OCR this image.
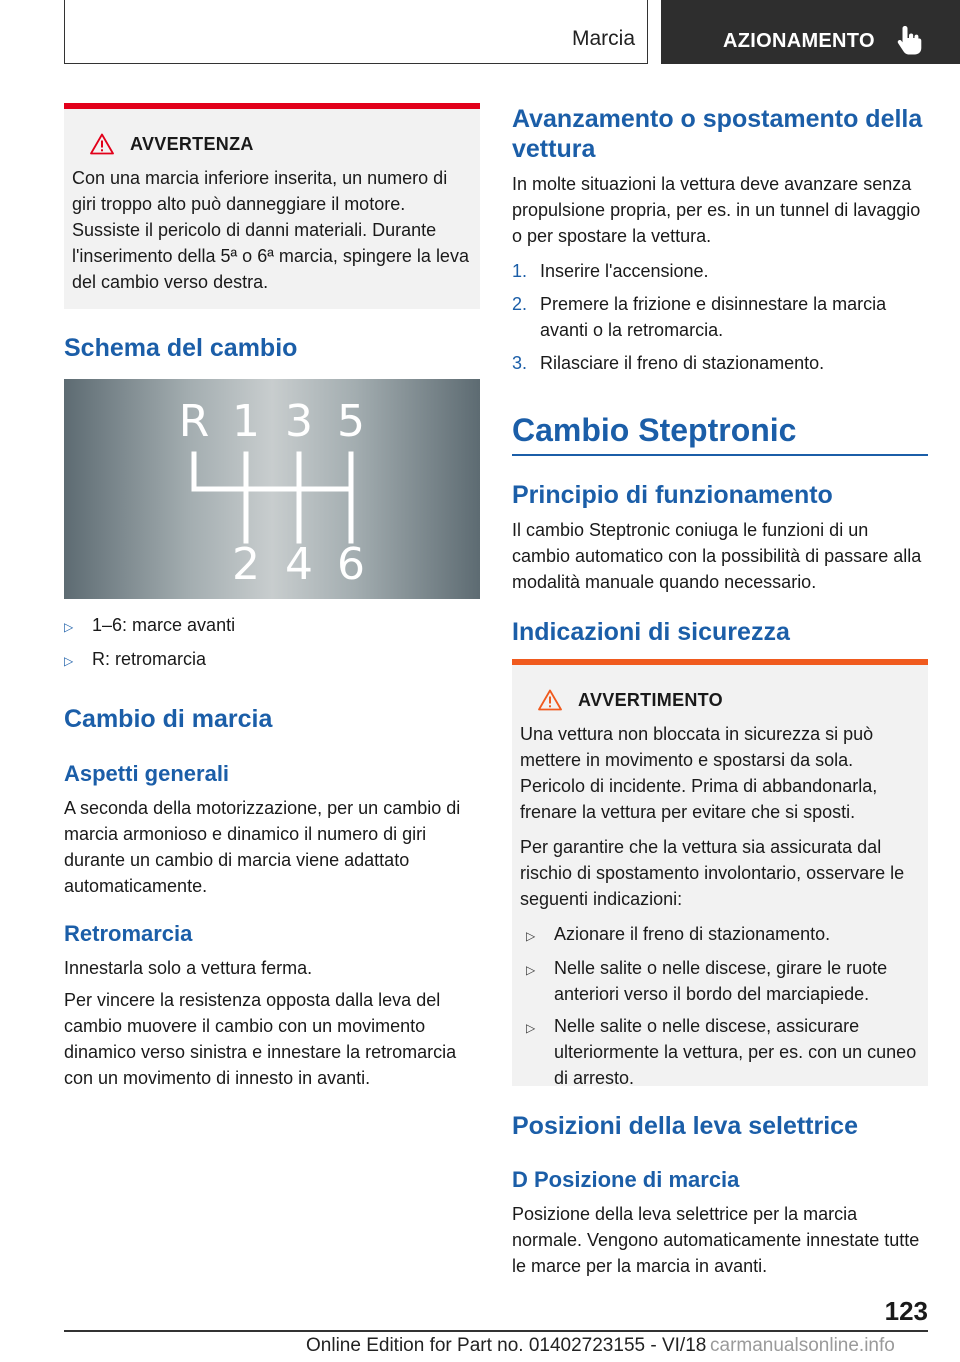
Marcia	AZIONAMENTO
AVVERTENZA

Con una marcia inferiore inserita, un numero di giri troppo alto può danneggiare il motore. Sussiste il pericolo di danni materiali. Durante l'inserimento della 5ª o 6ª marcia, spingere la leva del cambio verso destra.

Schema del cambio
R 1 3 5
2 4 6
▷	1–6: marce avanti
▷	R: retromarcia
Cambio di marcia
Aspetti generali

A seconda della motorizzazione, per un cambio di marcia armonioso e dinamico il numero di giri durante un cambio di marcia viene adattato automaticamente.

Retromarcia

Innestarla solo a vettura ferma.

Per vincere la resistenza opposta dalla leva del cambio muovere il cambio con un movimento dinamico verso sinistra e innestare la retromarcia con un movimento di innesto in avanti.

Avanzamento o spostamento della vettura

In molte situazioni la vettura deve avanzare senza propulsione propria, per es. in un tunnel di lavaggio o per spostare la vettura.

1. Inserire l'accensione.
2. Premere la frizione e disinnestare la marcia avanti o la retromarcia.
3. Rilasciare il freno di stazionamento.
Cambio Steptronic
Principio di funzionamento

Il cambio Steptronic coniuga le funzioni di un cambio automatico con la possibilità di passare alla modalità manuale quando necessario.

Indicazioni di sicurezza
AVVERTIMENTO

Una vettura non bloccata in sicurezza si può mettere in movimento e spostarsi da sola. Pericolo di incidente. Prima di abbandonarla, frenare la vettura per evitare che si sposti.

Per garantire che la vettura sia assicurata dal rischio di spostamento involontario, osservare le seguenti indicazioni:

▷	Azionare il freno di stazionamento.
▷	Nelle salite o nelle discese, girare le ruote anteriori verso il bordo del marciapiede.
▷	Nelle salite o nelle discese, assicurare ulteriormente la vettura, per es. con un cuneo di arresto.
Posizioni della leva selettrice
D Posizione di marcia

Posizione della leva selettrice per la marcia normale. Vengono automaticamente innestate tutte le marce per la marcia in avanti.

123
Online Edition for Part no. 01402723155 - VI/18 carmanualsonline.info
